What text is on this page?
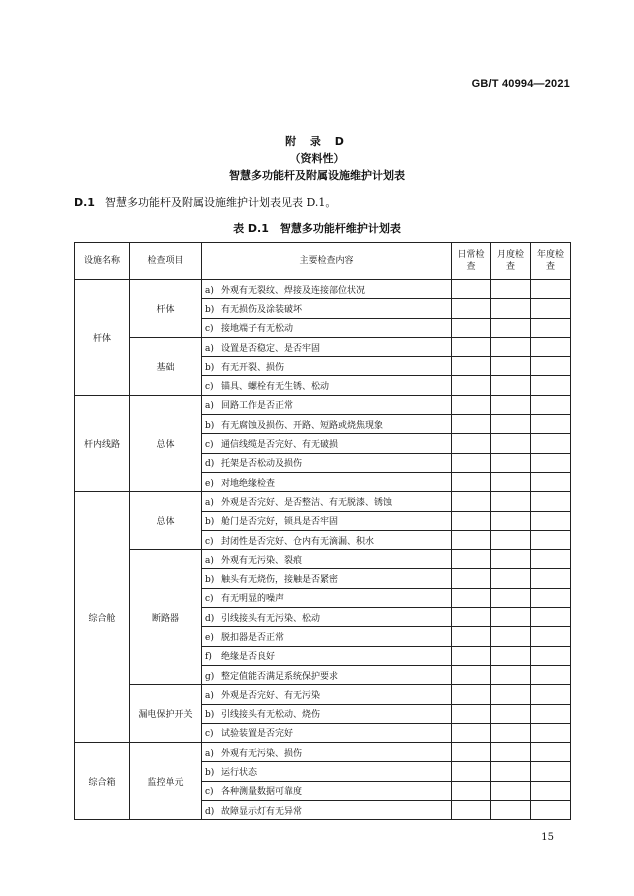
GB/T 40994—2021
附 录 D
（资料性）
智慧多功能杆及附属设施维护计划表
D.1 智慧多功能杆及附属设施维护计划表见表 D.1。
表 D.1　智慧多功能杆维护计划表
设施名称	检查项目	主要检查内容	日常检查	月度检查	年度检查
杆体	杆体	a) 外观有无裂纹、焊接及连接部位状况			
		b) 有无损伤及涂装破坏			
		c) 接地端子有无松动			
	基础	a) 设置是否稳定、是否牢固			
		b) 有无开裂、损伤			
		c) 锚具、螺栓有无生锈、松动			
杆内线路	总体	a) 回路工作是否正常			
		b) 有无腐蚀及损伤、开路、短路或烧焦现象			
		c) 通信线缆是否完好、有无破损			
		d) 托架是否松动及损伤			
		e) 对地绝缘检查			
综合舱	总体	a) 外观是否完好、是否整洁、有无脱漆、锈蚀			
		b) 舱门是否完好，锁具是否牢固			
		c) 封闭性是否完好、仓内有无滴漏、积水			
	断路器	a) 外观有无污染、裂痕			
		b) 触头有无烧伤，接触是否紧密			
		c) 有无明显的噪声			
		d) 引线接头有无污染、松动			
		e) 脱扣器是否正常			
		f) 绝缘是否良好			
		g) 整定值能否满足系统保护要求			
	漏电保护开关	a) 外观是否完好、有无污染			
		b) 引线接头有无松动、烧伤			
		c) 试验装置是否完好			
综合箱	监控单元	a) 外观有无污染、损伤			
		b) 运行状态			
		c) 各种测量数据可靠度			
		d) 故障显示灯有无异常			
15
